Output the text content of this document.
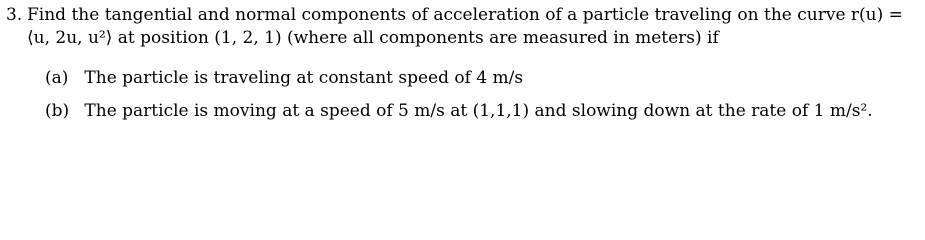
3. Find the tangential and normal components of acceleration of a particle traveling on the curve r(u) =
⟨u, 2u, u²⟩ at position (1, 2, 1) (where all components are measured in meters) if
(a) The particle is traveling at constant speed of 4 m/s
(b) The particle is moving at a speed of 5 m/s at (1,1,1) and slowing down at the rate of 1 m/s².
